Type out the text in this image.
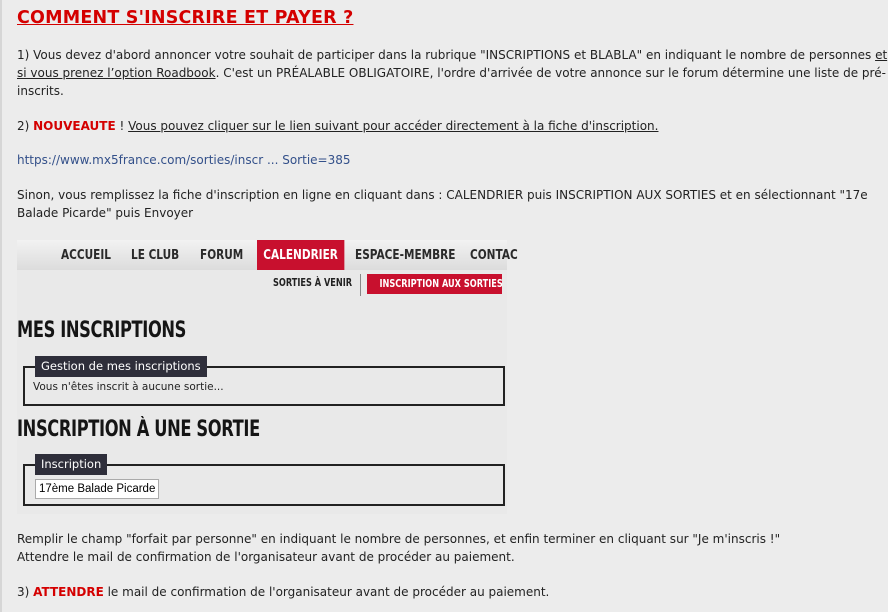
COMMENT S'INSCRIRE ET PAYER ?
1) Vous devez d'abord annoncer votre souhait de participer dans la rubrique "INSCRIPTIONS et BLABLA" en indiquant le nombre de personnes et
si vous prenez l’option Roadbook. C'est un PRÉALABLE OBLIGATOIRE, l'ordre d'arrivée de votre annonce sur le forum détermine une liste de pré-
inscrits.
2) NOUVEAUTE ! Vous pouvez cliquer sur le lien suivant pour accéder directement à la fiche d'inscription.
https://www.mx5france.com/sorties/inscr ... Sortie=385
Sinon, vous remplissez la fiche d'inscription en ligne en cliquant dans : CALENDRIER puis INSCRIPTION AUX SORTIES et en sélectionnant "17e
Balade Picarde" puis Envoyer
Remplir le champ "forfait par personne" en indiquant le nombre de personnes, et enfin terminer en cliquant sur "Je m'inscris !"
Attendre le mail de confirmation de l'organisateur avant de procéder au paiement.
3) ATTENDRE le mail de confirmation de l'organisateur avant de procéder au paiement.
ACCUEIL LE CLUB FORUM	CALENDRIER	ESPACE-MEMBRE CONTAC
SORTIES À VENIR	INSCRIPTION AUX SORTIES
MES INSCRIPTIONS
Gestion de mes inscriptions
Vous n'êtes inscrit à aucune sortie...
INSCRIPTION À UNE SORTIE
Inscription
17ème Balade Picarde
